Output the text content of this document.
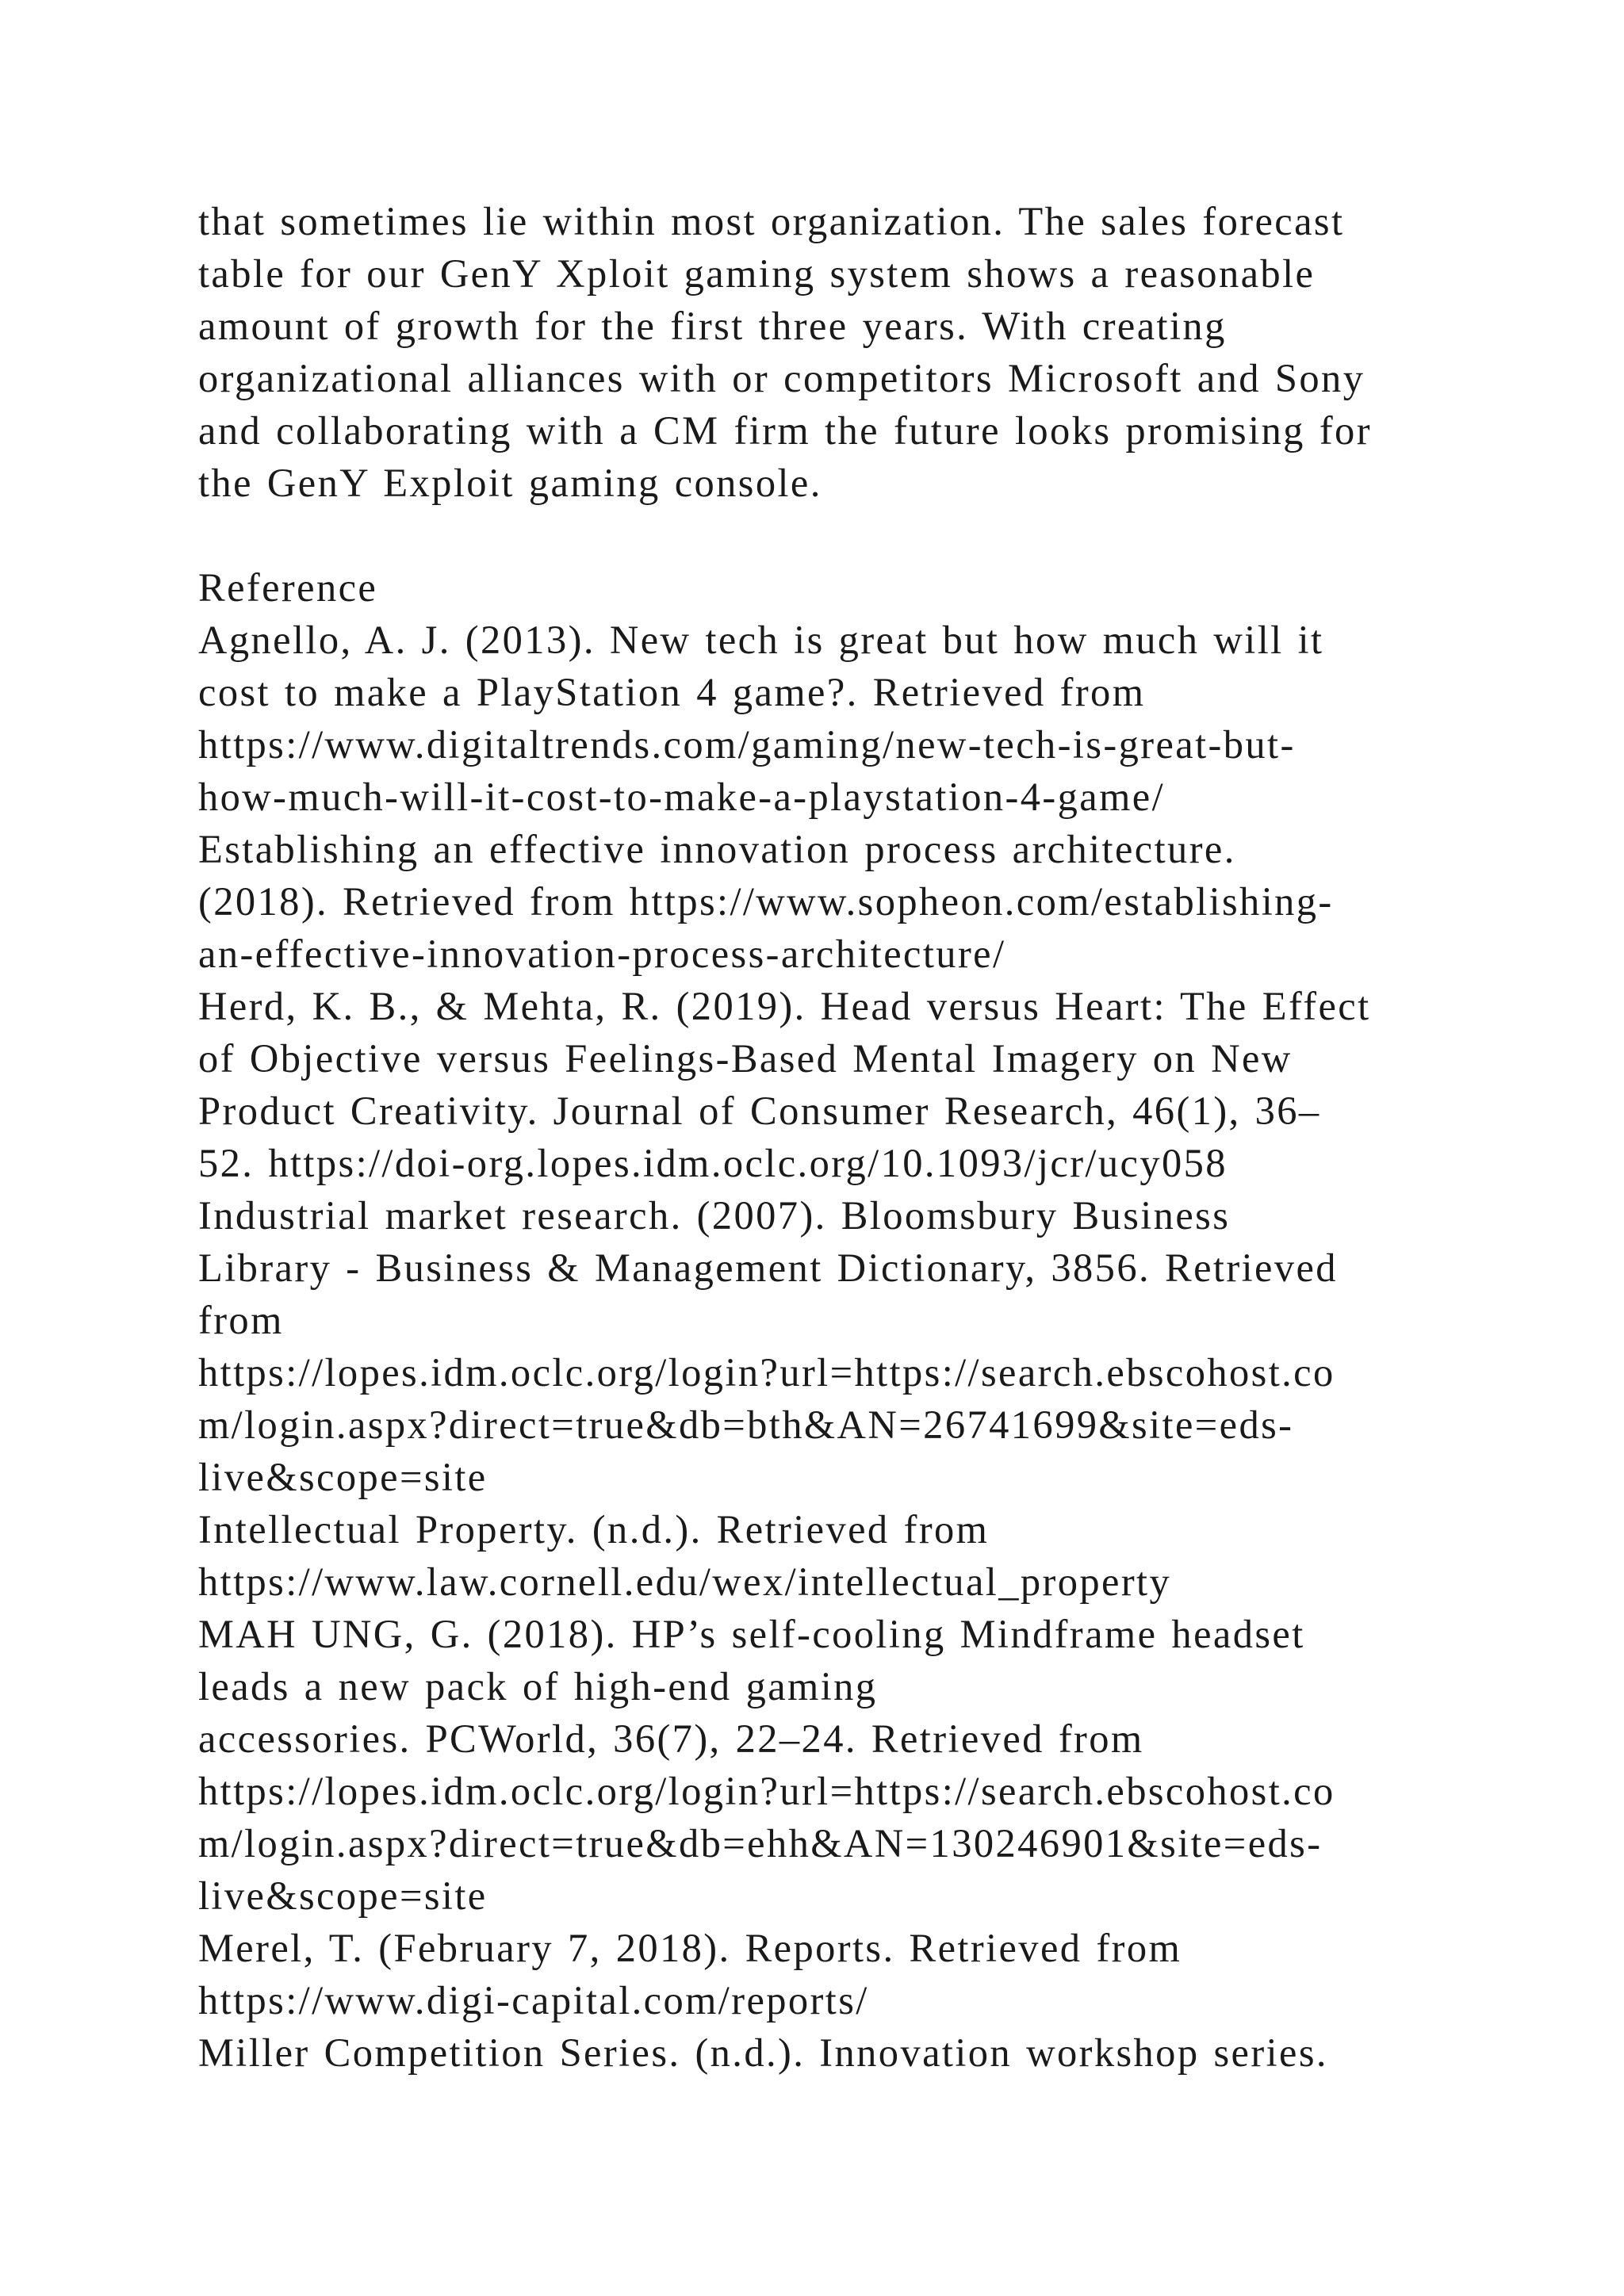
that sometimes lie within most organization. The sales forecast
table for our GenY Xploit gaming system shows a reasonable
amount of growth for the first three years. With creating
organizational alliances with or competitors Microsoft and Sony
and collaborating with a CM firm the future looks promising for
the GenY Exploit gaming console.
Reference
Agnello, A. J. (2013). New tech is great but how much will it
cost to make a PlayStation 4 game?. Retrieved from
https://www.digitaltrends.com/gaming/new-tech-is-great-but-
how-much-will-it-cost-to-make-a-playstation-4-game/
Establishing an effective innovation process architecture.
(2018). Retrieved from https://www.sopheon.com/establishing-
an-effective-innovation-process-architecture/
Herd, K. B., & Mehta, R. (2019). Head versus Heart: The Effect
of Objective versus Feelings-Based Mental Imagery on New
Product Creativity. Journal of Consumer Research, 46(1), 36–
52. https://doi-org.lopes.idm.oclc.org/10.1093/jcr/ucy058
Industrial market research. (2007). Bloomsbury Business
Library - Business & Management Dictionary, 3856. Retrieved
from
https://lopes.idm.oclc.org/login?url=https://search.ebscohost.co
m/login.aspx?direct=true&db=bth&AN=26741699&site=eds-
live&scope=site
Intellectual Property. (n.d.). Retrieved from
https://www.law.cornell.edu/wex/intellectual_property
MAH UNG, G. (2018). HP’s self-cooling Mindframe headset
leads a new pack of high-end gaming
accessories. PCWorld, 36(7), 22–24. Retrieved from
https://lopes.idm.oclc.org/login?url=https://search.ebscohost.co
m/login.aspx?direct=true&db=ehh&AN=130246901&site=eds-
live&scope=site
Merel, T. (February 7, 2018). Reports. Retrieved from
https://www.digi-capital.com/reports/
Miller Competition Series. (n.d.). Innovation workshop series.
